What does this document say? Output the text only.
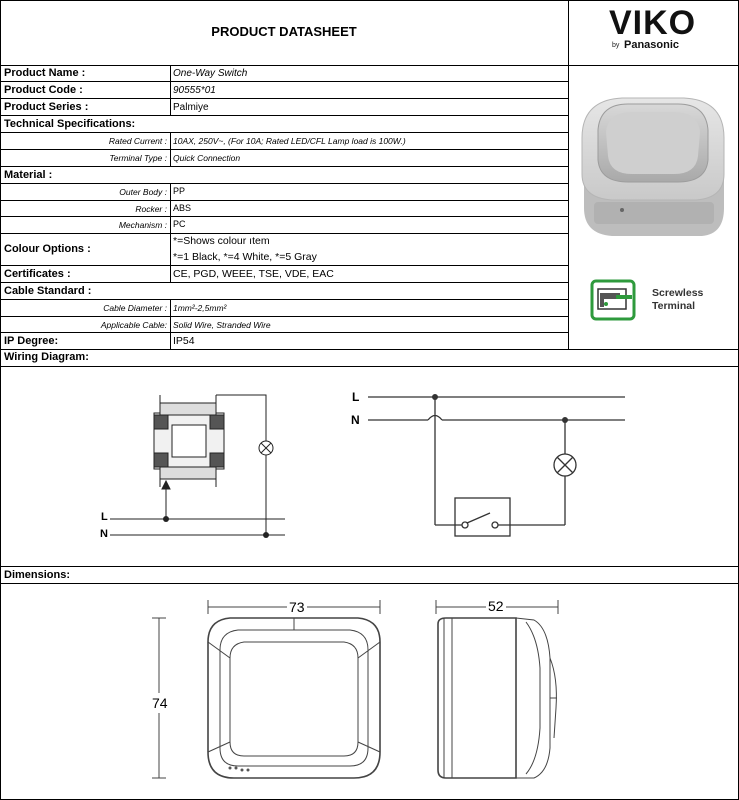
PRODUCT DATASHEET	VIKO
by Panasonic
Product Name :	One-Way Switch
Product Code :	90555*01
Product Series :	Palmiye
Technical Specifications:
Rated Current : 10AX, 250V~, (For 10A; Rated LED/CFL Lamp load is 100W.)
Terminal Type : Quick Connection
Material :
Outer Body : PP
Rocker : ABS
Mechanism : PC
Colour Options :
*=Shows colour ıtem
*=1 Black, *=4 White, *=5 Gray
Certificates :	CE, PGD, WEEE, TSE, VDE, EAC
Cable Standard :
Cable Diameter : 1mm²-2,5mm²
Applicable Cable: Solid Wire, Stranded Wire
IP Degree:	IP54
Screwless
Terminal
Wiring Diagram:
L
N
L
N
Dimensions:
73
74
52
